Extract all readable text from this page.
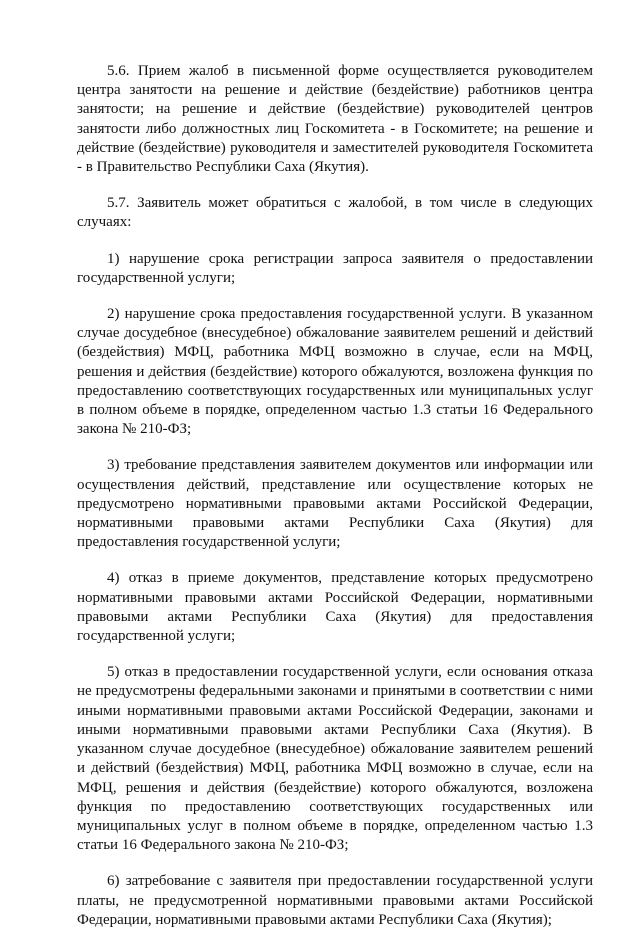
5.6. Прием жалоб в письменной форме осуществляется руководителем центра занятости на решение и действие (бездействие) работников центра занятости; на решение и действие (бездействие) руководителей центров занятости либо должностных лиц Госкомитета - в Госкомитете; на решение и действие (бездействие) руководителя и заместителей руководителя Госкомитета - в Правительство Республики Саха (Якутия).

5.7. Заявитель может обратиться с жалобой, в том числе в следующих случаях:

1) нарушение срока регистрации запроса заявителя о предоставлении государственной услуги;

2) нарушение срока предоставления государственной услуги. В указанном случае досудебное (внесудебное) обжалование заявителем решений и действий (бездействия) МФЦ, работника МФЦ возможно в случае, если на МФЦ, решения и действия (бездействие) которого обжалуются, возложена функция по предоставлению соответствующих государственных или муниципальных услуг в полном объеме в порядке, определенном частью 1.3 статьи 16 Федерального закона № 210-ФЗ;

3) требование представления заявителем документов или информации или осуществления действий, представление или осуществление которых не предусмотрено нормативными правовыми актами Российской Федерации, нормативными правовыми актами Республики Саха (Якутия) для предоставления государственной услуги;

4) отказ в приеме документов, представление которых предусмотрено нормативными правовыми актами Российской Федерации, нормативными правовыми актами Республики Саха (Якутия) для предоставления государственной услуги;

5) отказ в предоставлении государственной услуги, если основания отказа не предусмотрены федеральными законами и принятыми в соответствии с ними иными нормативными правовыми актами Российской Федерации, законами и иными нормативными правовыми актами Республики Саха (Якутия). В указанном случае досудебное (внесудебное) обжалование заявителем решений и действий (бездействия) МФЦ, работника МФЦ возможно в случае, если на МФЦ, решения и действия (бездействие) которого обжалуются, возложена функция по предоставлению соответствующих государственных или муниципальных услуг в полном объеме в порядке, определенном частью 1.3 статьи 16 Федерального закона № 210-ФЗ;

6) затребование с заявителя при предоставлении государственной услуги платы, не предусмотренной нормативными правовыми актами Российской Федерации, нормативными правовыми актами Республики Саха (Якутия);
